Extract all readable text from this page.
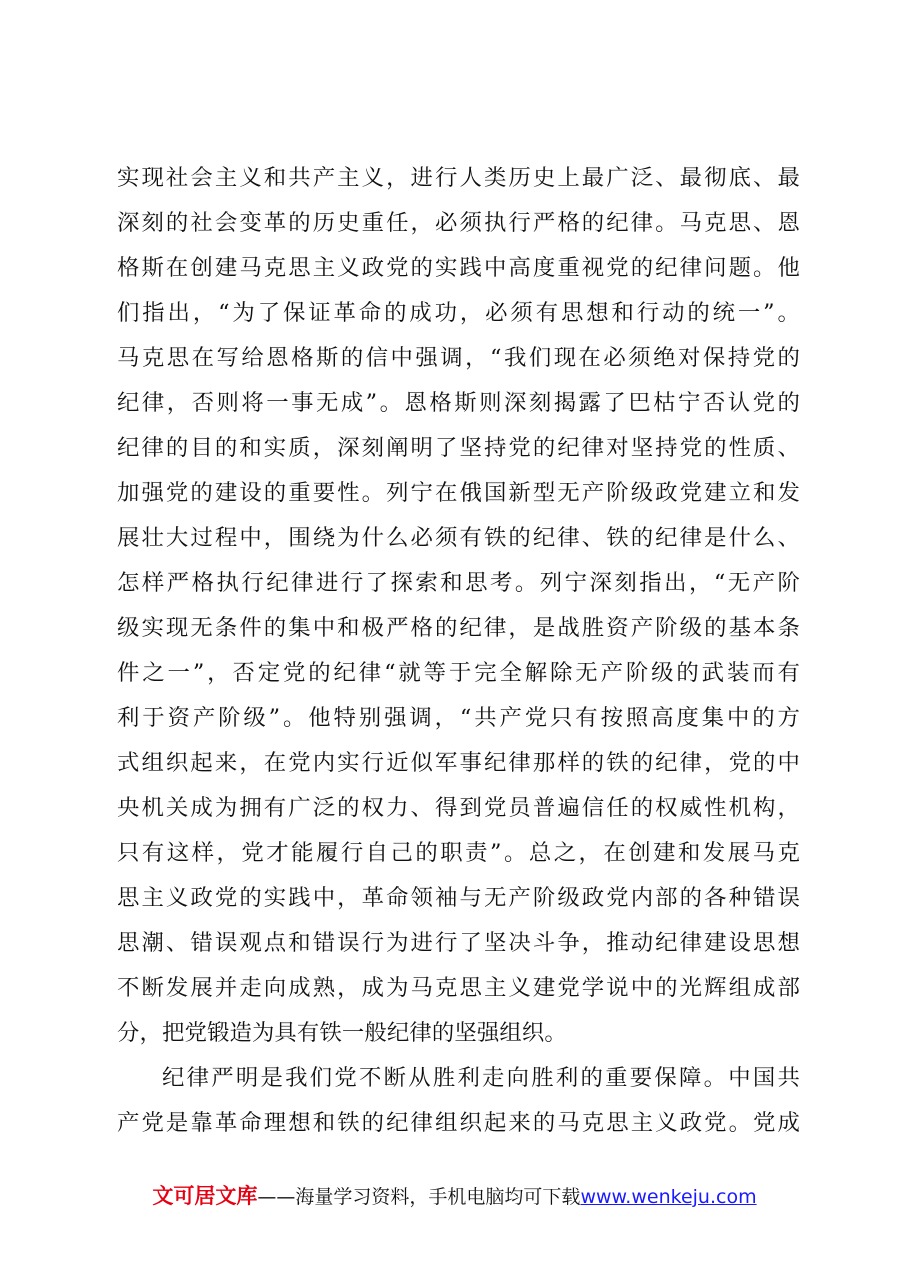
实现社会主义和共产主义，进行人类历史上最广泛、最彻底、最
深刻的社会变革的历史重任，必须执行严格的纪律。马克思、恩
格斯在创建马克思主义政党的实践中高度重视党的纪律问题。他
们指出，“为了保证革命的成功，必须有思想和行动的统一”。
马克思在写给恩格斯的信中强调，“我们现在必须绝对保持党的
纪律，否则将一事无成”。恩格斯则深刻揭露了巴枯宁否认党的
纪律的目的和实质，深刻阐明了坚持党的纪律对坚持党的性质、
加强党的建设的重要性。列宁在俄国新型无产阶级政党建立和发
展壮大过程中，围绕为什么必须有铁的纪律、铁的纪律是什么、
怎样严格执行纪律进行了探索和思考。列宁深刻指出，“无产阶
级实现无条件的集中和极严格的纪律，是战胜资产阶级的基本条
件之一”，否定党的纪律“就等于完全解除无产阶级的武装而有
利于资产阶级”。他特别强调，“共产党只有按照高度集中的方
式组织起来，在党内实行近似军事纪律那样的铁的纪律，党的中
央机关成为拥有广泛的权力、得到党员普遍信任的权威性机构，
只有这样，党才能履行自己的职责”。总之，在创建和发展马克
思主义政党的实践中，革命领袖与无产阶级政党内部的各种错误
思潮、错误观点和错误行为进行了坚决斗争，推动纪律建设思想
不断发展并走向成熟，成为马克思主义建党学说中的光辉组成部
分，把党锻造为具有铁一般纪律的坚强组织。
纪律严明是我们党不断从胜利走向胜利的重要保障。中国共
产党是靠革命理想和铁的纪律组织起来的马克思主义政党。党成
文可居文库——海量学习资料，手机电脑均可下载www.wenkeju.com
